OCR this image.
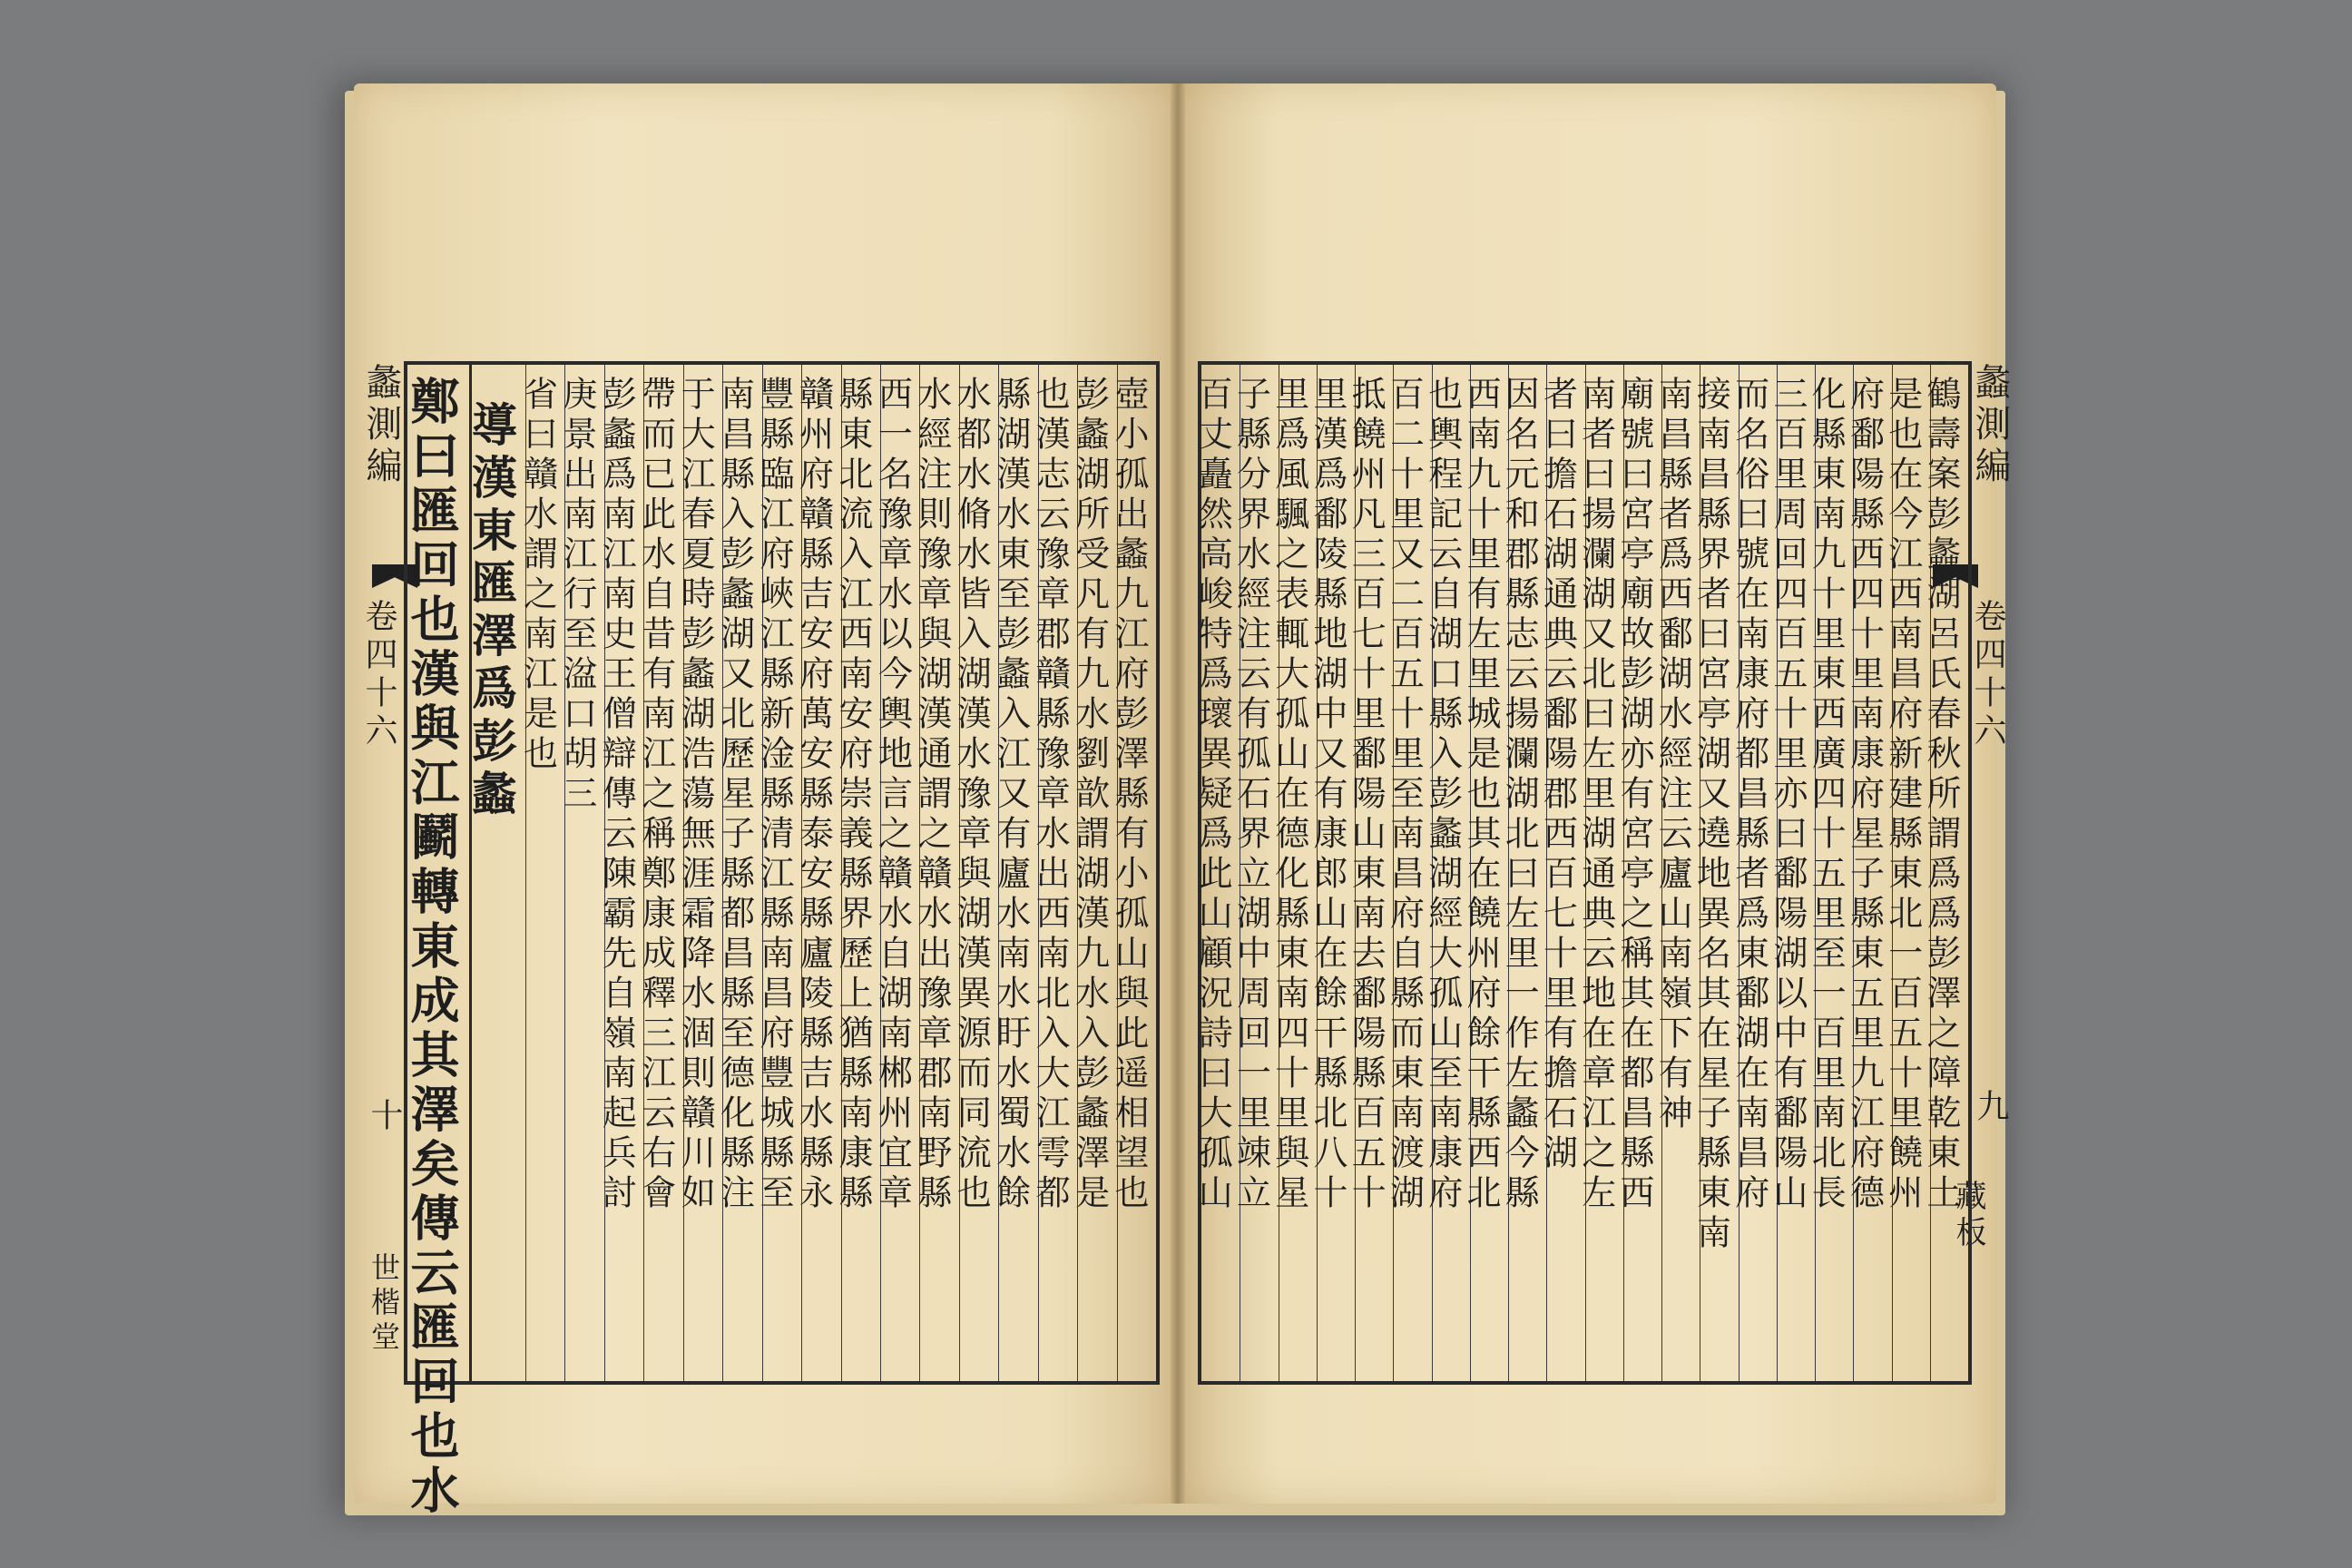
蠡測編
卷四十六
十
世楷堂 鄭曰匯回也漢與江鬬轉東成其澤矣傳云匯回也水 導漢東匯澤爲彭蠡 省曰贛水謂之南江是也 庚景出南江行至湓口胡三 彭蠡爲南江南史王僧辯傳云陳霸先自嶺南起兵討 帶而已此水自昔有南江之稱鄭康成釋三江云右會 于大江春夏時彭蠡湖浩蕩無涯霜降水涸則贛川如 南昌縣入彭蠡湖又北歷星子縣都昌縣至德化縣注 豐縣臨江府峽江縣新淦縣清江縣南昌府豐城縣至 贛州府贛縣吉安府萬安縣泰安縣廬陵縣吉水縣永 縣東北流入江西南安府崇義縣界歷上猶縣南康縣 西一名豫章水以今輿地言之贛水自湖南郴州宜章 水經注則豫章與湖漢通謂之贛水出豫章郡南野縣 水都水脩水皆入湖漢水豫章與湖漢異源而同流也 縣湖漢水東至彭蠡入江又有廬水南水盱水蜀水餘 也漢志云豫章郡贛縣豫章水出西南北入大江雩都 彭蠡湖所受凡有九水劉歆謂湖漢九水入彭蠡澤是 壺小孤出蠡九江府彭澤縣有小孤山與此遥相望也	蠡測編
卷四十六
九
藏板
百丈矗然高峻特爲瓌異疑爲此山顧況詩曰大孤山
子縣分界水經注云有孤石界立湖中周回一里竦立
里爲風颿之表輒大孤山在德化縣東南四十里與星
里漢爲鄱陵縣地湖中又有康郎山在餘干縣北八十
抵饒州凡三百七十里鄱陽山東南去鄱陽縣百五十
百二十里又二百五十里至南昌府自縣而東南渡湖
也輿程記云自湖口縣入彭蠡湖經大孤山至南康府
西南九十里有左里城是也其在饒州府餘干縣西北
因名元和郡縣志云揚瀾湖北曰左里一作左蠡今縣
者曰擔石湖通典云鄱陽郡西百七十里有擔石湖
南者曰揚瀾湖又北曰左里湖通典云地在章江之左
廟號曰宮亭廟故彭湖亦有宮亭之稱其在都昌縣西
南昌縣者爲西鄱湖水經注云廬山南嶺下有神
接南昌縣界者曰宮亭湖又遶地異名其在星子縣東南
而名俗曰號在南康府都昌縣者爲東鄱湖在南昌府
三百里周回四百五十里亦曰鄱陽湖以中有鄱陽山
化縣東南九十里東西廣四十五里至一百里南北長
府鄱陽縣西四十里南康府星子縣東五里九江府德
是也在今江西南昌府新建縣東北一百五十里饒州
鶴壽案彭蠡湖呂氏春秋所謂爲爲彭澤之障乾東土
